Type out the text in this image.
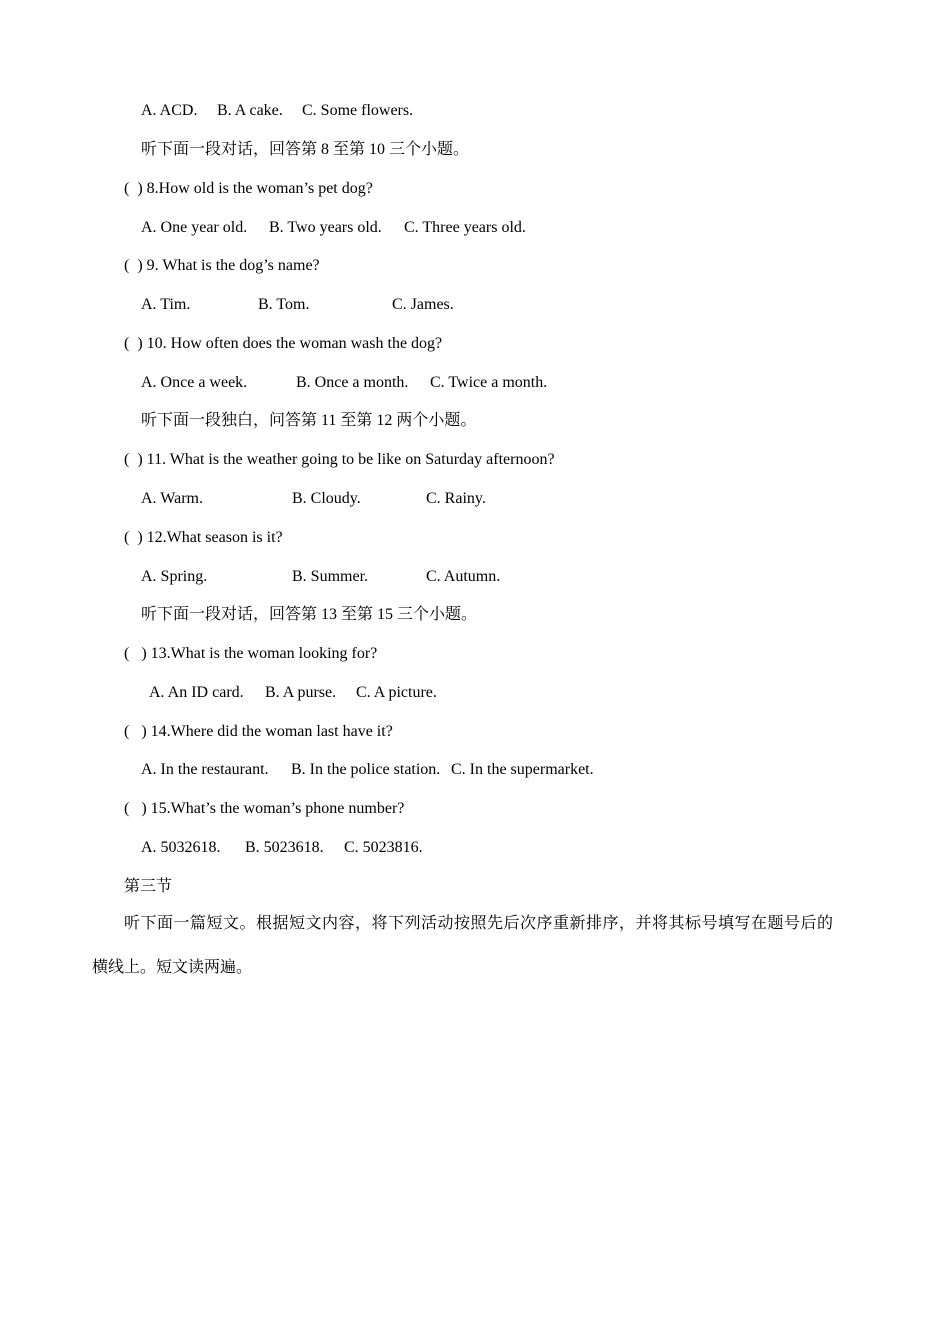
A. ACD. B. A cake. C. Some flowers.
听下面一段对话，回答第 8 至第 10 三个小题。
(  ) 8.How old is the woman’s pet dog?
A. One year old. B. Two years old. C. Three years old.
(  ) 9. What is the dog’s name?
A. Tim.	B. Tom.	C. James.
(  ) 10. How often does the woman wash the dog?
A. Once a week.	B. Once a month. C. Twice a month.
听下面一段独白，问答第 11 至第 12 两个小题。
(  ) 11. What is the weather going to be like on Saturday afternoon?
A. Warm.	B. Cloudy.	C. Rainy.
(  ) 12.What season is it?
A. Spring.	B. Summer.	C. Autumn.
听下面一段对话，回答第 13 至第 15 三个小题。
(   ) 13.What is the woman looking for?
A. An ID card. B. A purse. C. A picture.
(   ) 14.Where did the woman last have it?
A. In the restaurant. B. In the police station. C. In the supermarket.
(   ) 15.What’s the woman’s phone number?
A. 5032618. B. 5023618. C. 5023816.
第三节
听下面一篇短文。根据短文内容，将下列活动按照先后次序重新排序，并将其标号填写在题号后的
横线上。短文读两遍。
